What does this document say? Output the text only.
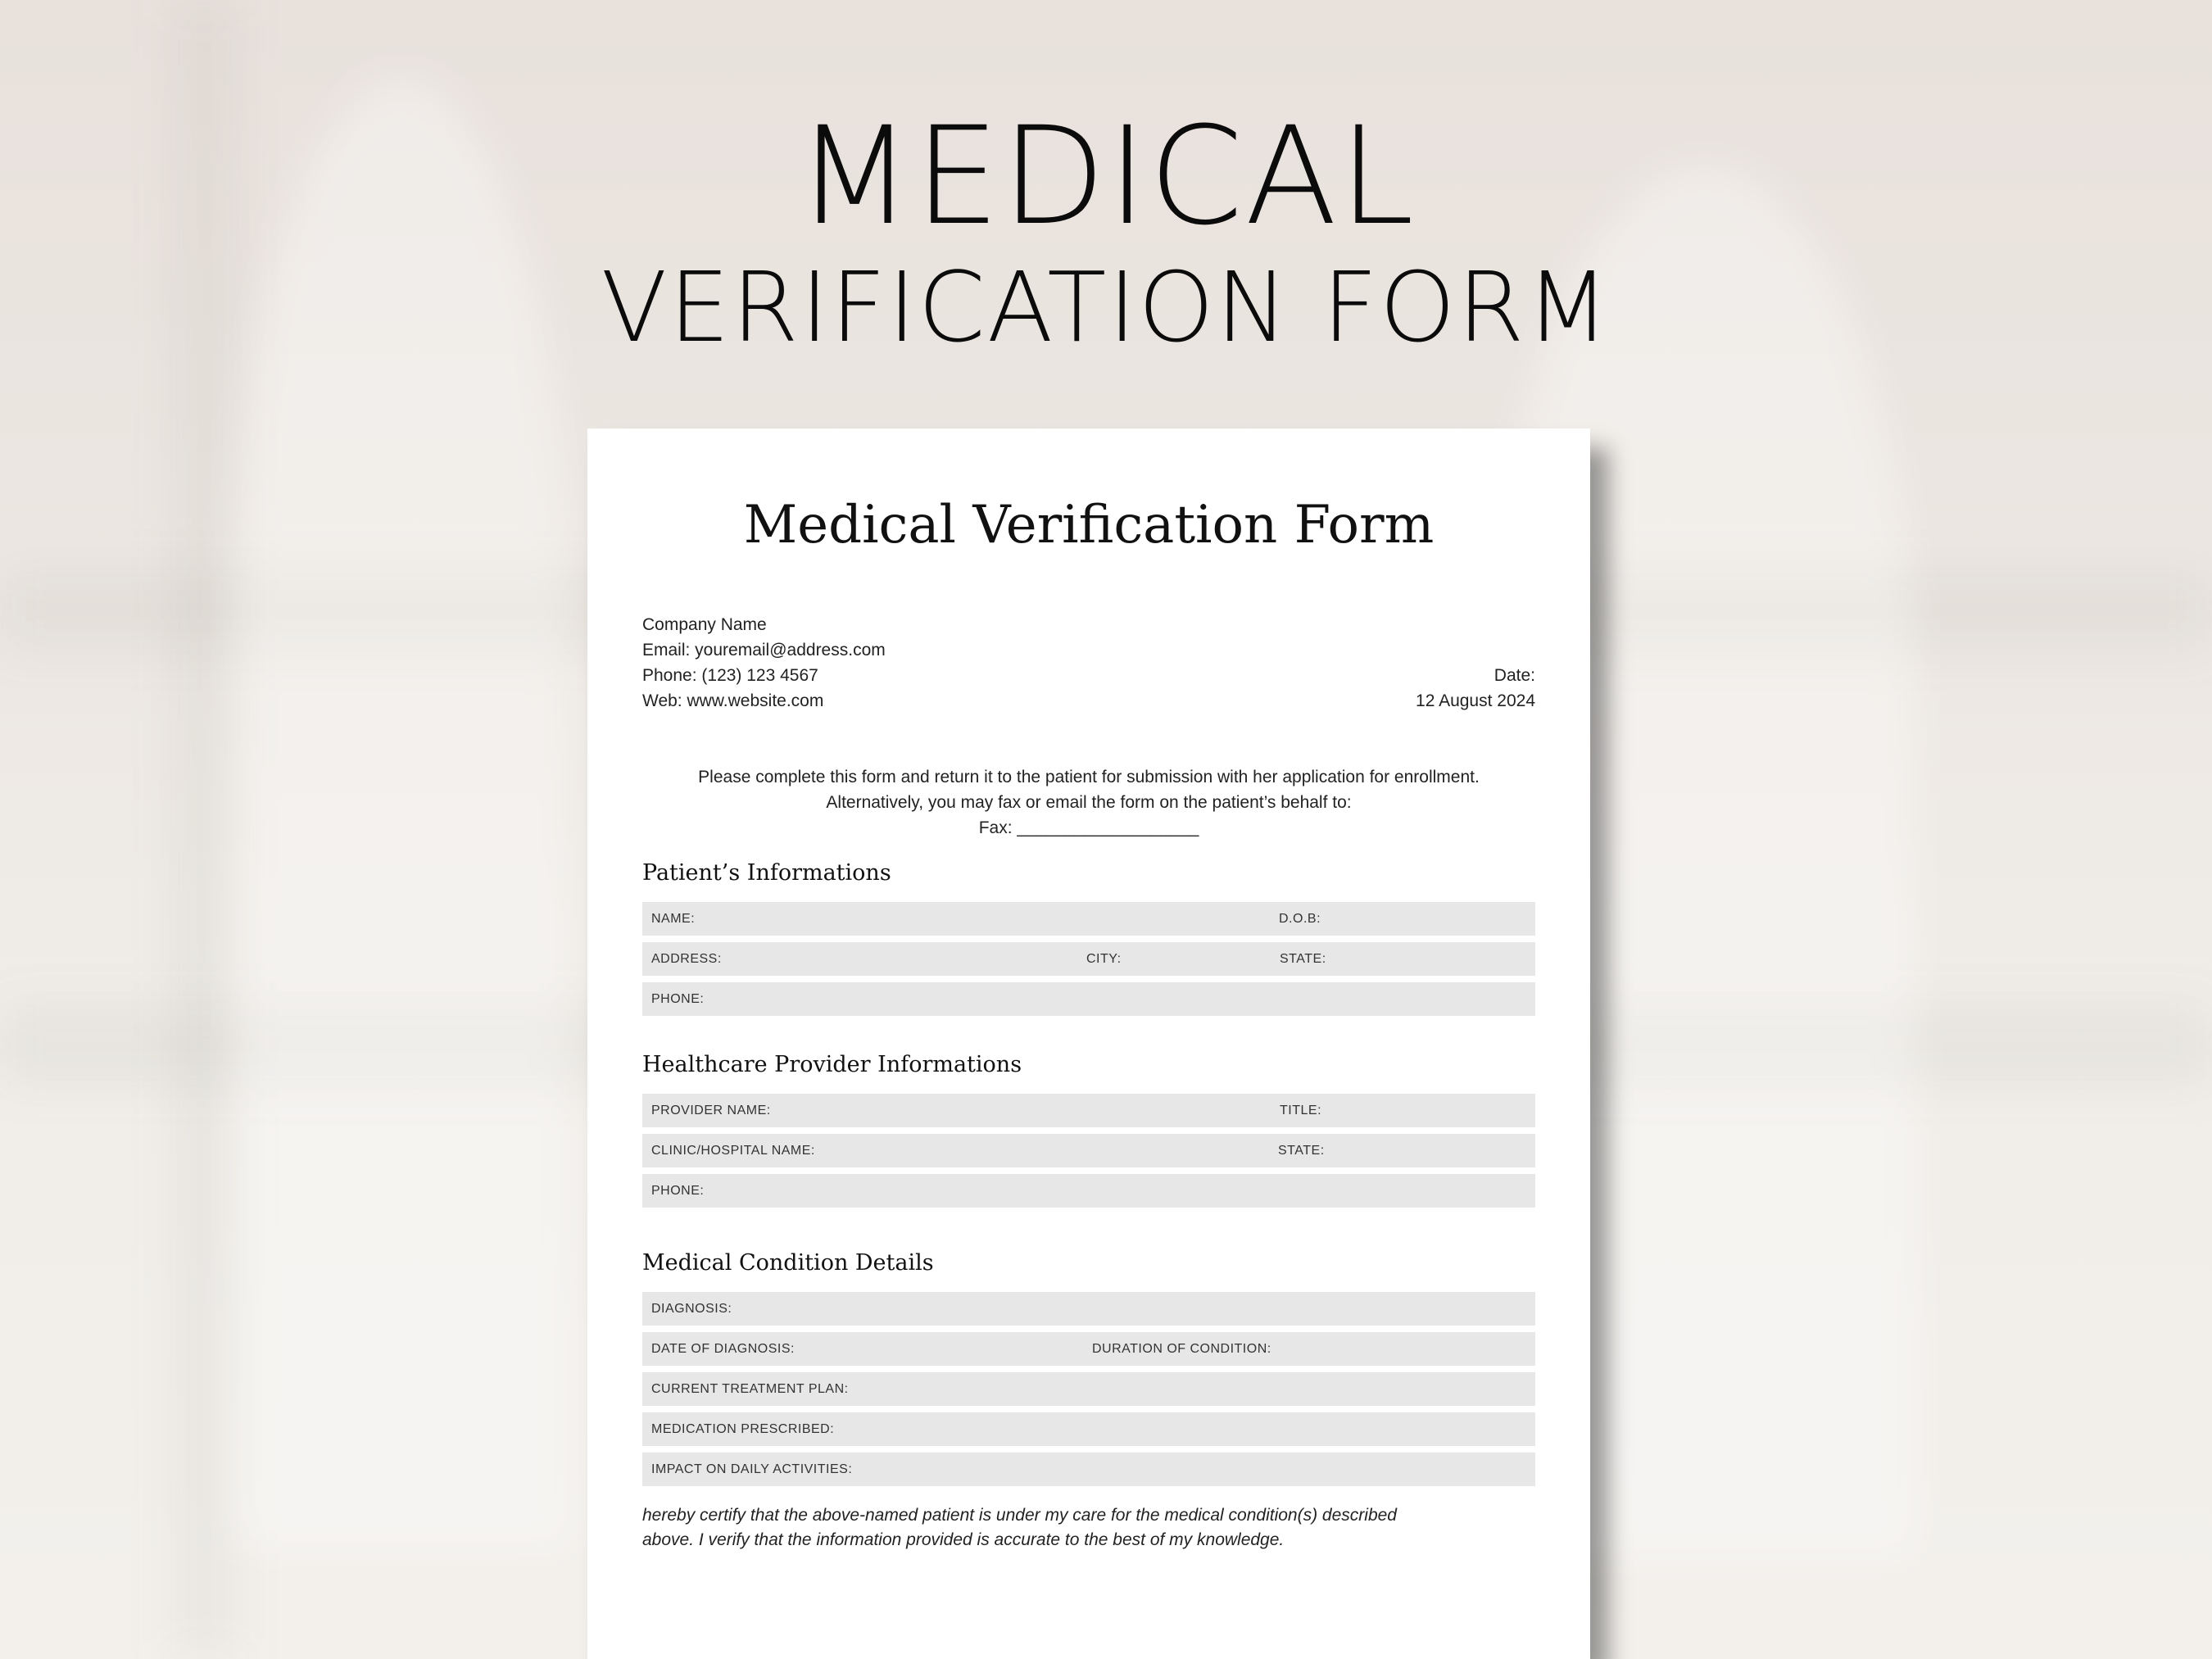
MEDICAL
VERIFICATION FORM
Medical Verification Form
Company Name
Email: youremail@address.com
Phone: (123) 123 4567
Web: www.website.com
Date:
12 August 2024
Please complete this form and return it to the patient for submission with her application for enrollment.
Alternatively, you may fax or email the form on the patient’s behalf to:
Fax: ___________________
Patient’s Informations
NAME:	D.O.B:
ADDRESS:	CITY:	STATE:
PHONE:
Healthcare Provider Informations
PROVIDER NAME:	TITLE:
CLINIC/HOSPITAL NAME:	STATE:
PHONE:
Medical Condition Details
DIAGNOSIS:
DATE OF DIAGNOSIS:	DURATION OF CONDITION:
CURRENT TREATMENT PLAN:
MEDICATION PRESCRIBED:
IMPACT ON DAILY ACTIVITIES:
hereby certify that the above-named patient is under my care for the medical condition(s) described
above. I verify that the information provided is accurate to the best of my knowledge.
